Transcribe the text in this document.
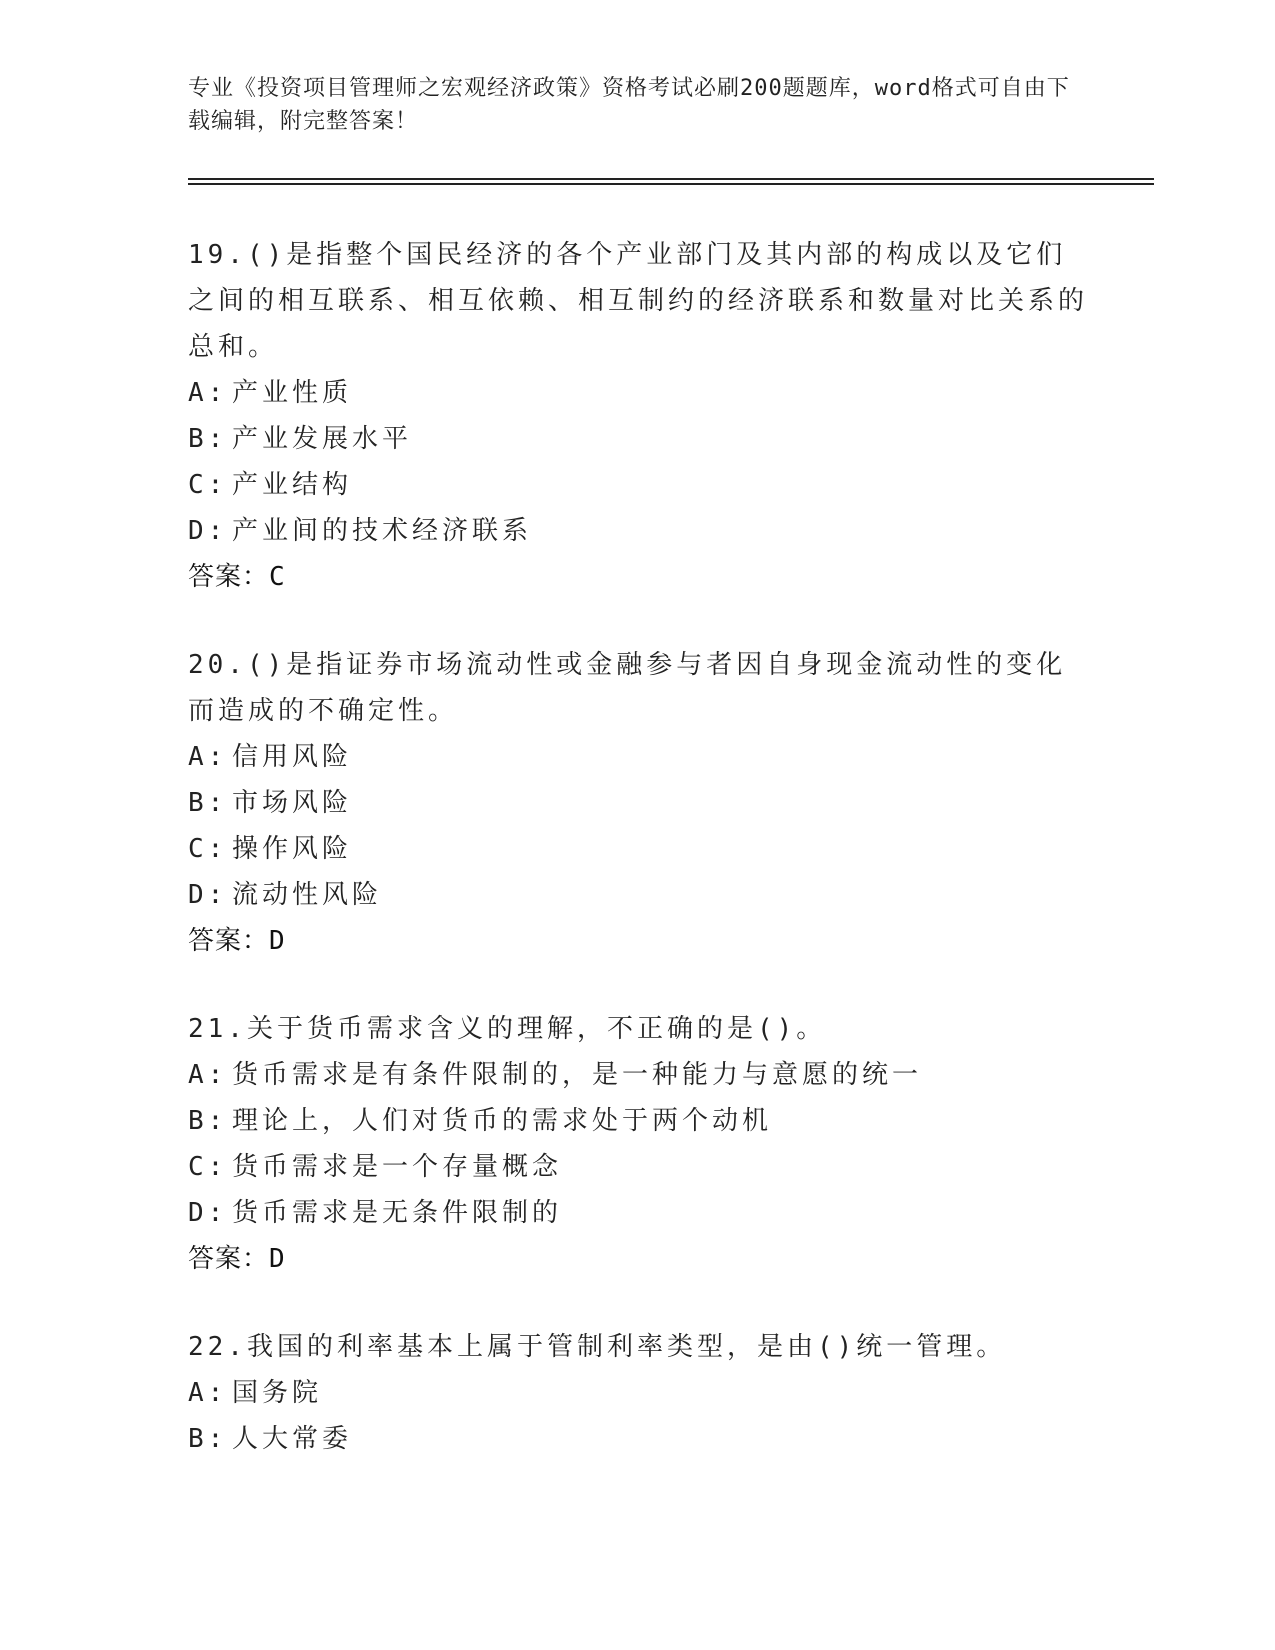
专业《投资项目管理师之宏观经济政策》资格考试必刷200题题库，word格式可自由下载编辑，附完整答案！
19.()是指整个国民经济的各个产业部门及其内部的构成以及它们之间的相互联系、相互依赖、相互制约的经济联系和数量对比关系的总和。
A: 产业性质
B: 产业发展水平
C: 产业结构
D: 产业间的技术经济联系
答案：C
20.()是指证券市场流动性或金融参与者因自身现金流动性的变化而造成的不确定性。
A: 信用风险
B: 市场风险
C: 操作风险
D: 流动性风险
答案：D
21.关于货币需求含义的理解，不正确的是()。
A: 货币需求是有条件限制的，是一种能力与意愿的统一
B: 理论上，人们对货币的需求处于两个动机
C: 货币需求是一个存量概念
D: 货币需求是无条件限制的
答案：D
22.我国的利率基本上属于管制利率类型，是由()统一管理。
A: 国务院
B: 人大常委
